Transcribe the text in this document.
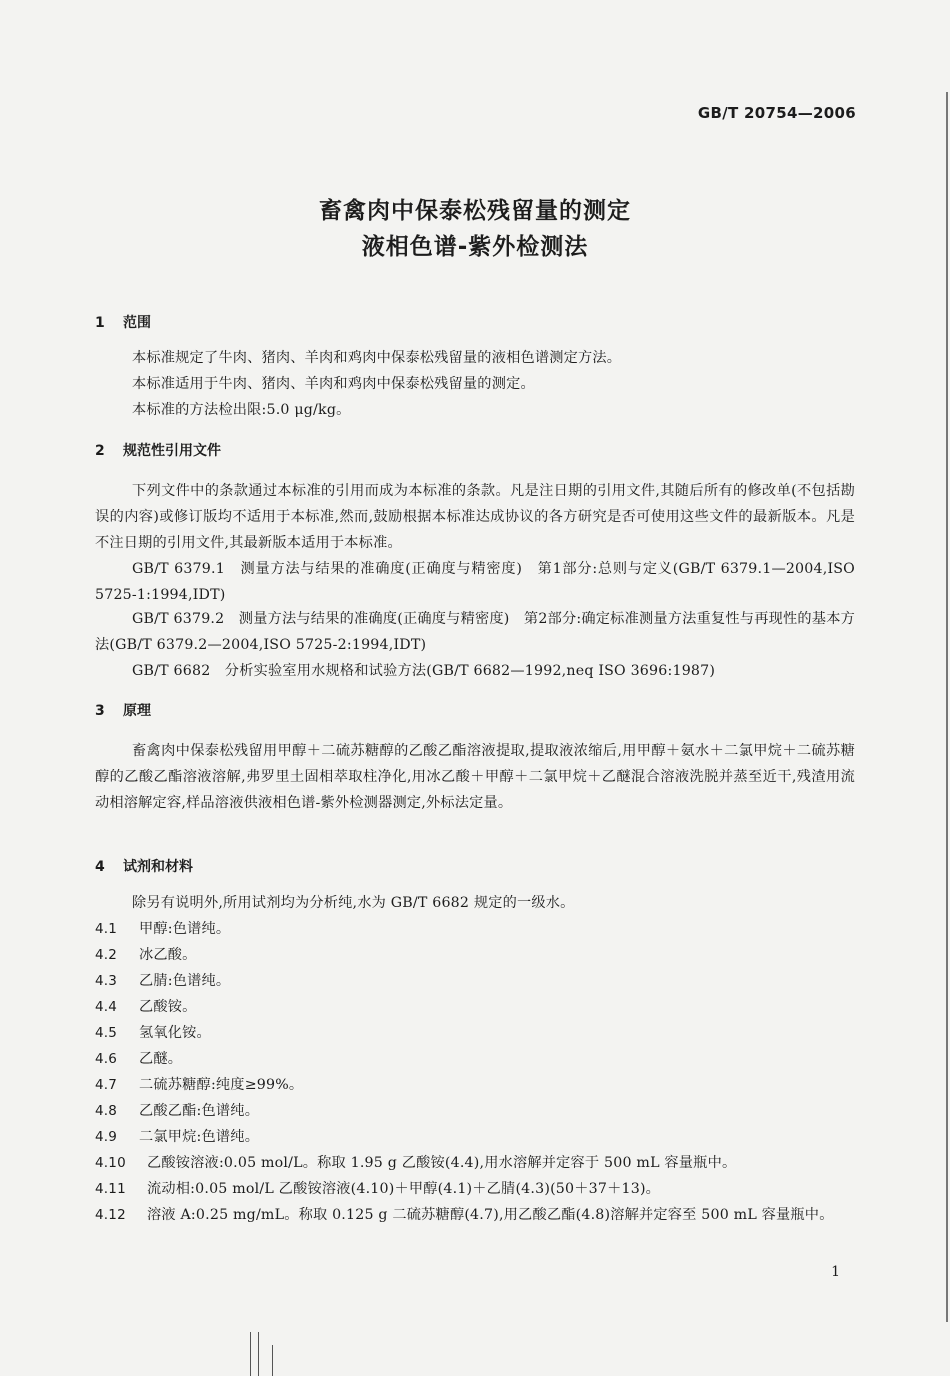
GB/T 20754—2006
畜禽肉中保泰松残留量的测定
液相色谱-紫外检测法
1 范围
本标准规定了牛肉、猪肉、羊肉和鸡肉中保泰松残留量的液相色谱测定方法。
本标准适用于牛肉、猪肉、羊肉和鸡肉中保泰松残留量的测定。
本标准的方法检出限:5.0 μg/kg。
2 规范性引用文件
下列文件中的条款通过本标准的引用而成为本标准的条款。凡是注日期的引用文件,其随后所有的修改单(不包括勘误的内容)或修订版均不适用于本标准,然而,鼓励根据本标准达成协议的各方研究是否可使用这些文件的最新版本。凡是不注日期的引用文件,其最新版本适用于本标准。
GB/T 6379.1　测量方法与结果的准确度(正确度与精密度)　第1部分:总则与定义(GB/T 6379.1—2004,ISO 5725-1:1994,IDT)
GB/T 6379.2　测量方法与结果的准确度(正确度与精密度)　第2部分:确定标准测量方法重复性与再现性的基本方法(GB/T 6379.2—2004,ISO 5725-2:1994,IDT)
GB/T 6682　分析实验室用水规格和试验方法(GB/T 6682—1992,neq ISO 3696:1987)
3 原理
畜禽肉中保泰松残留用甲醇＋二硫苏糖醇的乙酸乙酯溶液提取,提取液浓缩后,用甲醇＋氨水＋二氯甲烷＋二硫苏糖醇的乙酸乙酯溶液溶解,弗罗里土固相萃取柱净化,用冰乙酸＋甲醇＋二氯甲烷＋乙醚混合溶液洗脱并蒸至近干,残渣用流动相溶解定容,样品溶液供液相色谱-紫外检测器测定,外标法定量。
4 试剂和材料
除另有说明外,所用试剂均为分析纯,水为 GB/T 6682 规定的一级水。
4.1 甲醇:色谱纯。
4.2 冰乙酸。
4.3 乙腈:色谱纯。
4.4 乙酸铵。
4.5 氢氧化铵。
4.6 乙醚。
4.7 二硫苏糖醇:纯度≥99%。
4.8 乙酸乙酯:色谱纯。
4.9 二氯甲烷:色谱纯。
4.10 乙酸铵溶液:0.05 mol/L。称取 1.95 g 乙酸铵(4.4),用水溶解并定容于 500 mL 容量瓶中。
4.11 流动相:0.05 mol/L 乙酸铵溶液(4.10)＋甲醇(4.1)＋乙腈(4.3)(50＋37＋13)。
4.12 溶液 A:0.25 mg/mL。称取 0.125 g 二硫苏糖醇(4.7),用乙酸乙酯(4.8)溶解并定容至 500 mL 容量瓶中。
1
